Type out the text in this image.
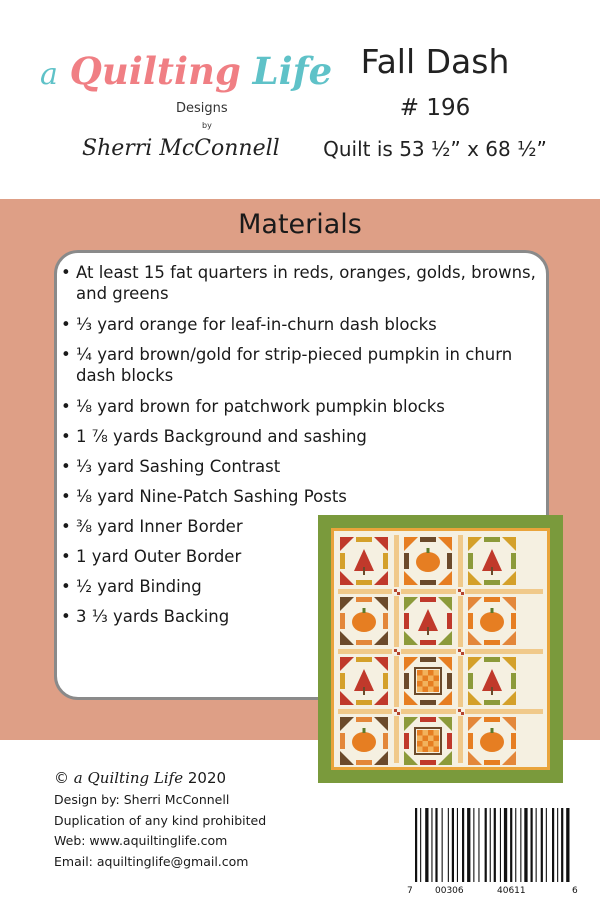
a Quilting Life
Designs
by
Sherri McConnell
Fall Dash
# 196
Quilt is 53 ½” x 68 ½”
Materials
• At least 15 fat quarters in reds, oranges, golds, browns, and greens
• ⅓ yard orange for leaf-in-churn dash blocks
• ¼ yard brown/gold for strip-pieced pumpkin in churn dash blocks
• ⅛ yard brown for patchwork pumpkin blocks
• 1 ⅞ yards Background and sashing
• ⅓ yard Sashing Contrast
• ⅛ yard Nine-Patch Sashing Posts
• ⅜ yard Inner Border
• 1 yard Outer Border
• ½ yard Binding
• 3 ⅓ yards Backing
© a Quilting Life 2020
Design by: Sherri McConnell
Duplication of any kind prohibited
Web: www.aquiltinglife.com
Email: aquiltinglife@gmail.com
7 00306	40611	6
